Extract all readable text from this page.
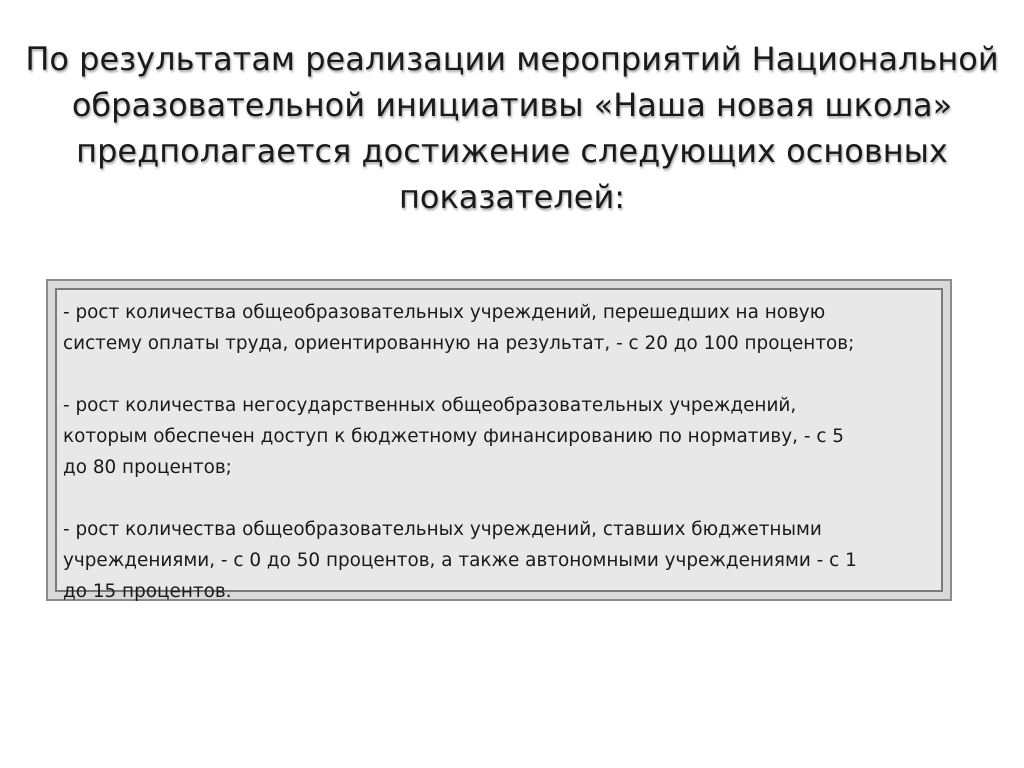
По результатам реализации мероприятий Национальной образовательной инициативы «Наша новая школа» предполагается достижение следующих основных показателей:

- рост количества общеобразовательных учреждений, перешедших на новую
систему оплаты труда, ориентированную на результат, - с 20 до 100 процентов;

- рост количества негосударственных общеобразовательных учреждений,
которым обеспечен доступ к бюджетному финансированию по нормативу, - с 5
до 80 процентов;

- рост количества общеобразовательных учреждений, ставших бюджетными
учреждениями, - с 0 до 50 процентов, а также автономными учреждениями - с 1
до 15 процентов.
